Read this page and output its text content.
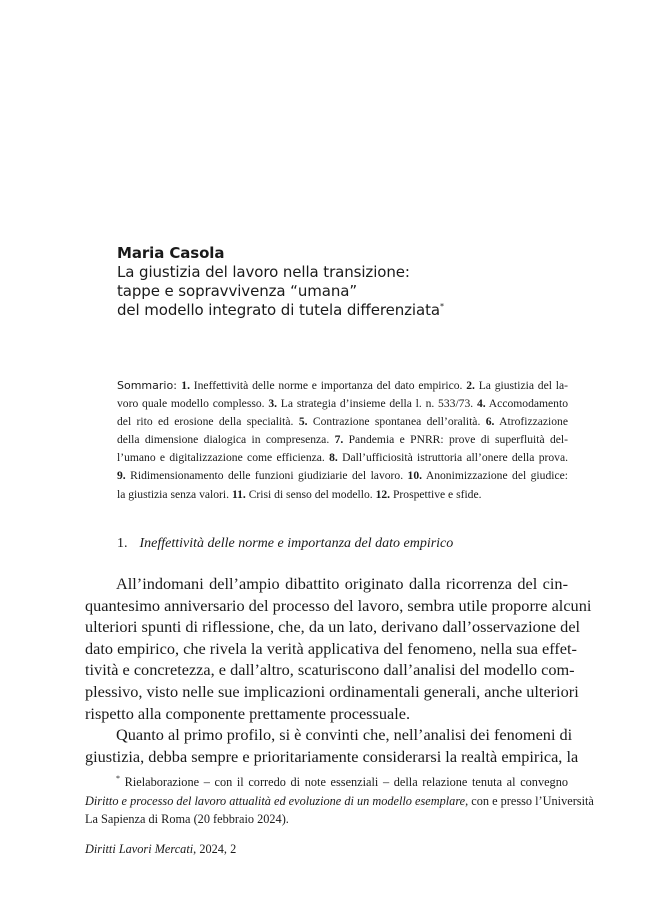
Maria Casola
La giustizia del lavoro nella transizione:
tappe e sopravvivenza “umana”
del modello integrato di tutela differenziata*
Sommario: 1. Ineffettività delle norme e importanza del dato empirico. 2. La giustizia del la-
voro quale modello complesso. 3. La strategia d’insieme della l. n. 533/73. 4. Accomodamento
del rito ed erosione della specialità. 5. Contrazione spontanea dell’oralità. 6. Atrofizzazione
della dimensione dialogica in compresenza. 7. Pandemia e PNRR: prove di superfluità del-
l’umano e digitalizzazione come efficienza. 8. Dall’ufficiosità istruttoria all’onere della prova.
9. Ridimensionamento delle funzioni giudiziarie del lavoro. 10. Anonimizzazione del giudice:
la giustizia senza valori. 11. Crisi di senso del modello. 12. Prospettive e sfide.
1. Ineffettività delle norme e importanza del dato empirico
All’indomani dell’ampio dibattito originato dalla ricorrenza del cin-
quantesimo anniversario del processo del lavoro, sembra utile proporre alcuni
ulteriori spunti di riflessione, che, da un lato, derivano dall’osservazione del
dato empirico, che rivela la verità applicativa del fenomeno, nella sua effet-
tività e concretezza, e dall’altro, scaturiscono dall’analisi del modello com-
plessivo, visto nelle sue implicazioni ordinamentali generali, anche ulteriori
rispetto alla componente prettamente processuale.
Quanto al primo profilo, si è convinti che, nell’analisi dei fenomeni di
giustizia, debba sempre e prioritariamente considerarsi la realtà empirica, la
* Rielaborazione – con il corredo di note essenziali – della relazione tenuta al convegno
Diritto e processo del lavoro attualità ed evoluzione di un modello esemplare, con e presso l’Università
La Sapienza di Roma (20 febbraio 2024).
Diritti Lavori Mercati, 2024, 2
